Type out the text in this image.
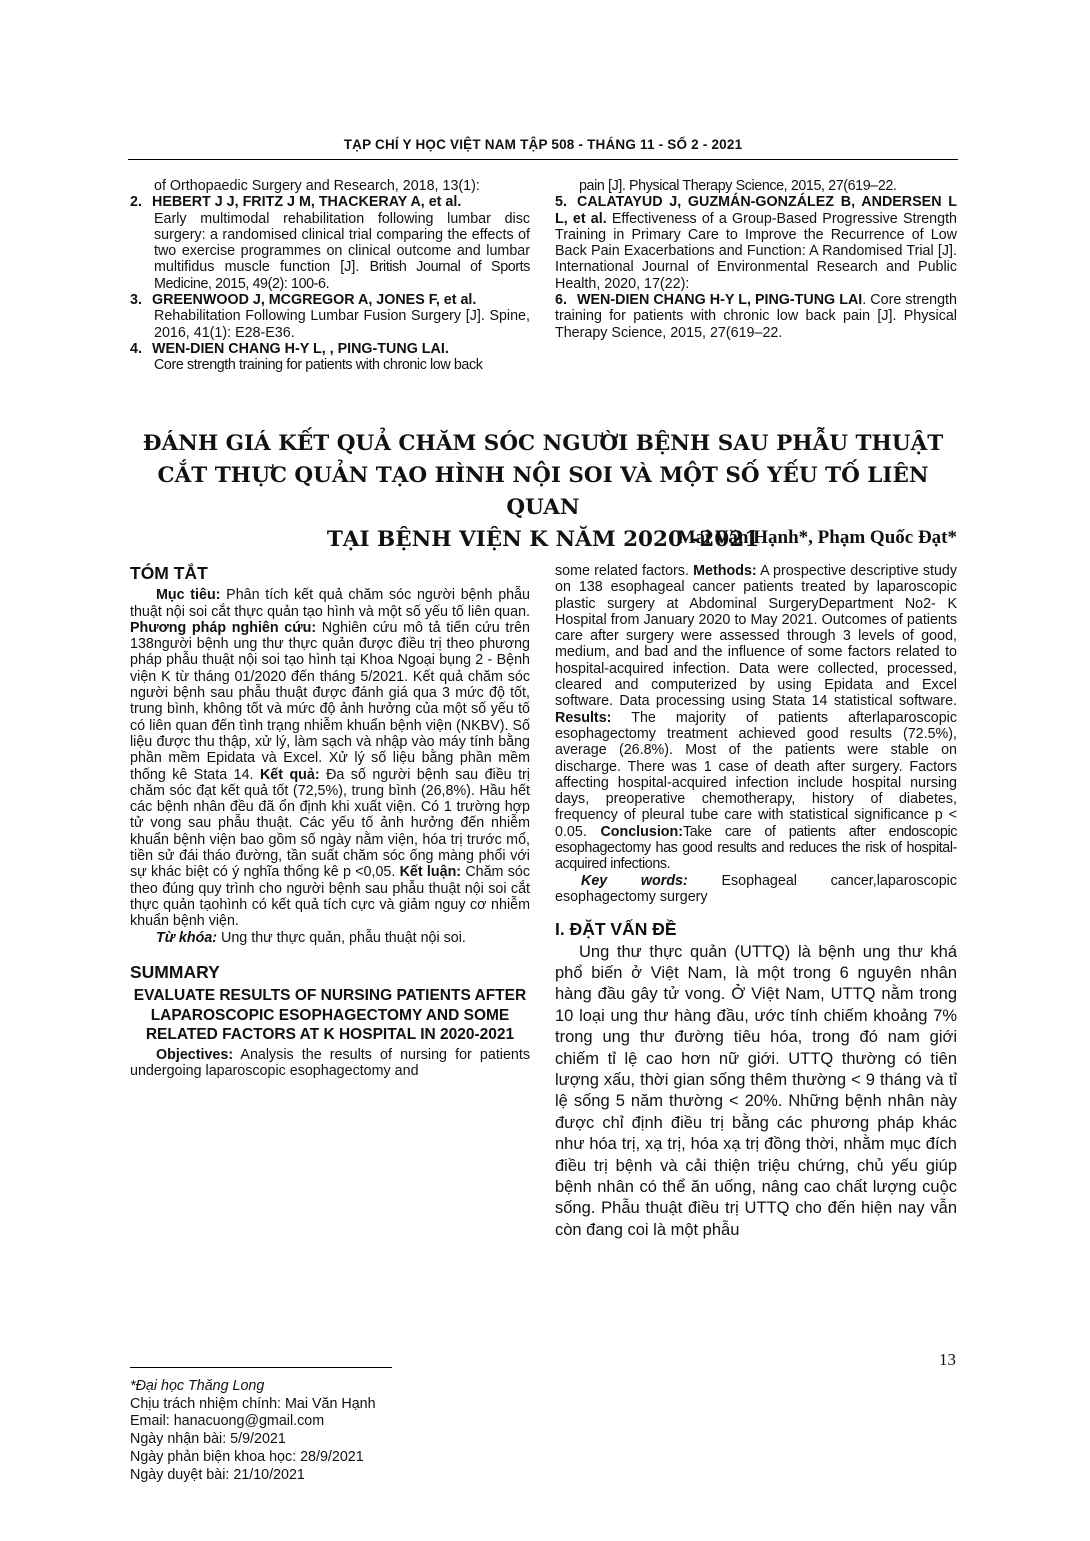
TẠP CHÍ Y HỌC VIỆT NAM TẬP 508 - THÁNG 11 - SỐ 2 - 2021
of Orthopaedic Surgery and Research, 2018, 13(1):
2. HEBERT J J, FRITZ J M, THACKERAY A, et al.
Early multimodal rehabilitation following lumbar disc surgery: a randomised clinical trial comparing the effects of two exercise programmes on clinical outcome and lumbar multifidus muscle function [J]. British Journal of Sports Medicine, 2015, 49(2): 100-6.
3. GREENWOOD J, MCGREGOR A, JONES F, et al.
Rehabilitation Following Lumbar Fusion Surgery [J]. Spine, 2016, 41(1): E28-E36.
4. WEN-DIEN CHANG H-Y L, , PING-TUNG LAI.
Core strength training for patients with chronic low back
pain [J]. Physical Therapy Science, 2015, 27(619–22.
5. CALATAYUD J, GUZMÁN-GONZÁLEZ B, ANDERSEN L L, et al. Effectiveness of a Group-Based Progressive Strength Training in Primary Care to Improve the Recurrence of Low Back Pain Exacerbations and Function: A Randomised Trial [J]. International Journal of Environmental Research and Public Health, 2020, 17(22):
6. WEN-DIEN CHANG H-Y L, PING-TUNG LAI. Core strength training for patients with chronic low back pain [J]. Physical Therapy Science, 2015, 27(619–22.
ĐÁNH GIÁ KẾT QUẢ CHĂM SÓC NGƯỜI BỆNH SAU PHẪU THUẬT
CẮT THỰC QUẢN TẠO HÌNH NỘI SOI VÀ MỘT SỐ YẾU TỐ LIÊN QUAN
TẠI BỆNH VIỆN K NĂM 2020 -2021
Mai Văn Hạnh*, Phạm Quốc Đạt*
TÓM TẮT

Mục tiêu: Phân tích kết quả chăm sóc người bệnh phẫu thuật nội soi cắt thực quản tạo hình và một số yếu tố liên quan. Phương pháp nghiên cứu: Nghiên cứu mô tả tiến cứu trên 138người bệnh ung thư thực quản được điều trị theo phương pháp phẫu thuật nội soi tạo hình tại Khoa Ngoại bụng 2 - Bệnh viện K từ tháng 01/2020 đến tháng 5/2021. Kết quả chăm sóc người bệnh sau phẫu thuật được đánh giá qua 3 mức độ tốt, trung bình, không tốt và mức độ ảnh hưởng của một số yếu tố có liên quan đến tình trạng nhiễm khuẩn bệnh viện (NKBV). Số liệu được thu thập, xử lý, làm sạch và nhập vào máy tính bằng phần mềm Epidata và Excel. Xử lý số liệu bằng phần mềm thống kê Stata 14. Kết quả: Đa số người bệnh sau điều trị chăm sóc đạt kết quả tốt (72,5%), trung bình (26,8%). Hầu hết các bệnh nhân đều đã ổn định khi xuất viện. Có 1 trường hợp tử vong sau phẫu thuật. Các yếu tố ảnh hưởng đến nhiễm khuẩn bệnh viện bao gồm số ngày nằm viện, hóa trị trước mổ, tiền sử đái tháo đường, tần suất chăm sóc ống màng phổi với sự khác biệt có ý nghĩa thống kê p <0,05. Kết luận: Chăm sóc theo đúng quy trình cho người bệnh sau phẫu thuật nội soi cắt thực quản tạohình có kết quả tích cực và giảm nguy cơ nhiễm khuẩn bệnh viện.

Từ khóa: Ung thư thực quản, phẫu thuật nội soi.

SUMMARY
EVALUATE RESULTS OF NURSING PATIENTS AFTER LAPAROSCOPIC ESOPHAGECTOMY AND SOME RELATED FACTORS AT K HOSPITAL IN 2020-2021

Objectives: Analysis the results of nursing for patients undergoing laparoscopic esophagectomy and

*Đại học Thăng Long
Chịu trách nhiệm chính: Mai Văn Hạnh
Email: hanacuong@gmail.com
Ngày nhận bài: 5/9/2021
Ngày phản biện khoa học: 28/9/2021
Ngày duyệt bài: 21/10/2021

some related factors. Methods: A prospective descriptive study on 138 esophageal cancer patients treated by laparoscopic plastic surgery at Abdominal SurgeryDepartment No2- K Hospital from January 2020 to May 2021. Outcomes of patients care after surgery were assessed through 3 levels of good, medium, and bad and the influence of some factors related to hospital-acquired infection. Data were collected, processed, cleared and computerized by using Epidata and Excel software. Data processing using Stata 14 statistical software. Results: The majority of patients afterlaparoscopic esophagectomy treatment achieved good results (72.5%), average (26.8%). Most of the patients were stable on discharge. There was 1 case of death after surgery. Factors affecting hospital-acquired infection include hospital nursing days, preoperative chemotherapy, history of diabetes, frequency of pleural tube care with statistical significance p < 0.05. Conclusion:Take care of patients after endoscopic esophagectomy has good results and reduces the risk of hospital-acquired infections.

Key words: Esophageal cancer,laparoscopic esophagectomy surgery

I. ĐẶT VẤN ĐỀ

Ung thư thực quản (UTTQ) là bệnh ung thư khá phổ biến ở Việt Nam, là một trong 6 nguyên nhân hàng đầu gây tử vong. Ở Việt Nam, UTTQ nằm trong 10 loại ung thư hàng đầu, ước tính chiếm khoảng 7% trong ung thư đường tiêu hóa, trong đó nam giới chiếm tỉ lệ cao hơn nữ giới. UTTQ thường có tiên lượng xấu, thời gian sống thêm thường < 9 tháng và tỉ lệ sống 5 năm thường < 20%. Những bệnh nhân này được chỉ định điều trị bằng các phương pháp khác như hóa trị, xạ trị, hóa xạ trị đồng thời, nhằm mục đích điều trị bệnh và cải thiện triệu chứng, chủ yếu giúp bệnh nhân có thể ăn uống, nâng cao chất lượng cuộc sống. Phẫu thuật điều trị UTTQ cho đến hiện nay vẫn còn đang coi là một phẫu

13
